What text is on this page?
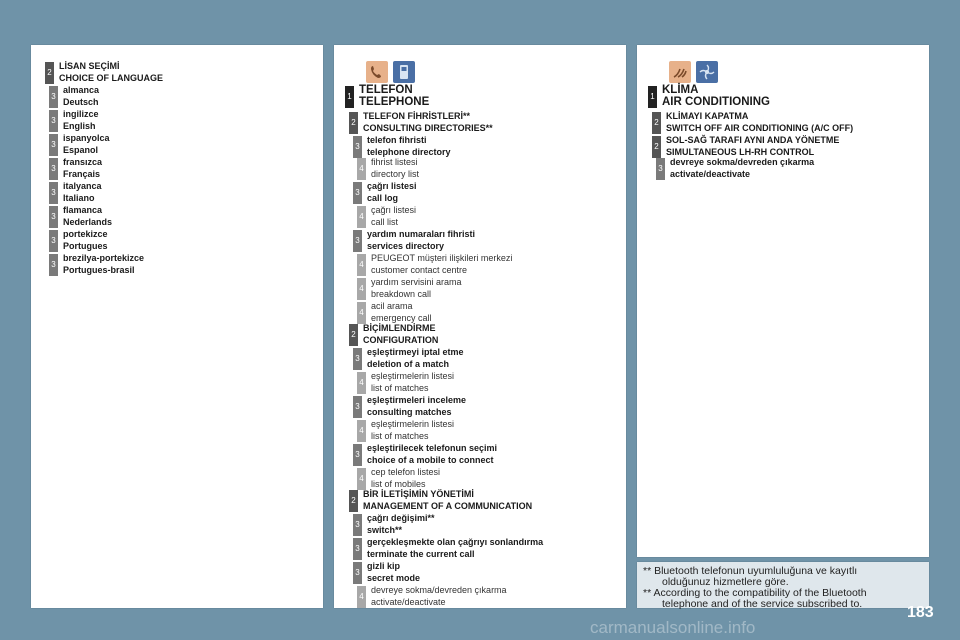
** Bluetooth telefonun uyumluluğuna ve kayıtlı
olduğunuz hizmetlere göre.
** According to the compatibility of the Bluetooth
telephone and of the service subscribed to.
2
LİSAN SEÇİMİ
CHOICE OF LANGUAGE
3
almanca
Deutsch
3
ingilizce
English
3
ispanyolca
Espanol
3
fransızca
Français
3
italyanca
Italiano
3
flamanca
Nederlands
3
portekizce
Portugues
3
brezilya-portekizce
Portugues-brasil
1
TELEFON
TELEPHONE
2
TELEFON FİHRİSTLERİ**
CONSULTING DIRECTORIES**
3
telefon fihristi
telephone directory
4
fihrist listesi
directory list
3
çağrı listesi
call log
4
çağrı listesi
call list
3
yardım numaraları fihristi
services directory
4
PEUGEOT müşteri ilişkileri merkezi
customer contact centre
4
yardım servisini arama
breakdown call
4
acil arama
emergency call
2
BİÇİMLENDİRME
CONFIGURATION
3
eşleştirmeyi iptal etme
deletion of a match
4
eşleştirmelerin listesi
list of matches
3
eşleştirmeleri inceleme
consulting matches
4
eşleştirmelerin listesi
list of matches
3
eşleştirilecek telefonun seçimi
choice of a mobile to connect
4
cep telefon listesi
list of mobiles
2
BİR İLETİŞİMİN YÖNETİMİ
MANAGEMENT OF A COMMUNICATION
3
çağrı değişimi**
switch**
3
gerçekleşmekte olan çağrıyı sonlandırma
terminate the current call
3
gizli kip
secret mode
4
devreye sokma/devreden çıkarma
activate/deactivate
1
KLİMA
AIR CONDITIONING
2
KLİMAYI KAPATMA
SWITCH OFF AIR CONDITIONING (A/C OFF)
2
SOL-SAĞ TARAFI AYNI ANDA YÖNETME
SIMULTANEOUS LH-RH CONTROL
3
devreye sokma/devreden çıkarma
activate/deactivate
183
carmanualsonline.info
